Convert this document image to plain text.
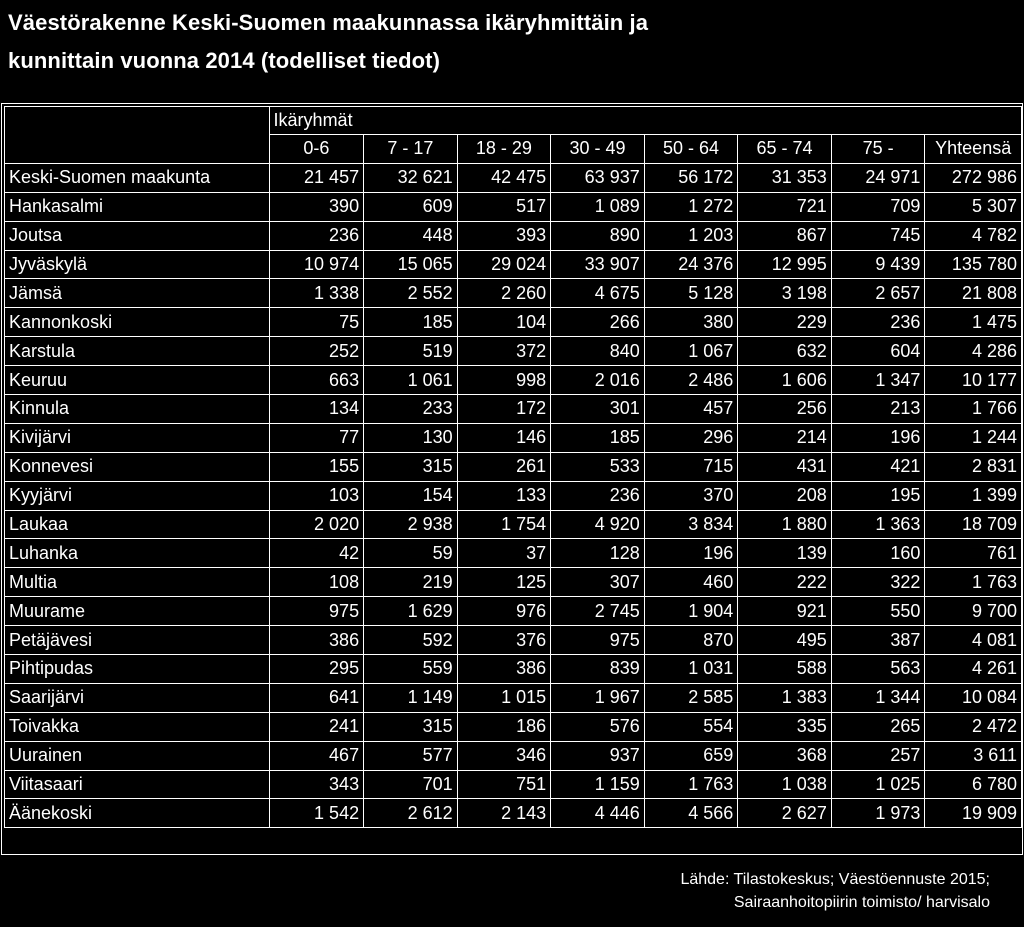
Väestörakenne Keski-Suomen maakunnassa ikäryhmittäin ja
kunnittain vuonna 2014 (todelliset tiedot)
	Ikäryhmät							
	0-6	7 - 17	18 - 29	30 - 49	50 - 64	65 - 74	75 -	Yhteensä
Keski-Suomen maakunta	21 457	32 621	42 475	63 937	56 172	31 353	24 971	272 986
Hankasalmi	390	609	517	1 089	1 272	721	709	5 307
Joutsa	236	448	393	890	1 203	867	745	4 782
Jyväskylä	10 974	15 065	29 024	33 907	24 376	12 995	9 439	135 780
Jämsä	1 338	2 552	2 260	4 675	5 128	3 198	2 657	21 808
Kannonkoski	75	185	104	266	380	229	236	1 475
Karstula	252	519	372	840	1 067	632	604	4 286
Keuruu	663	1 061	998	2 016	2 486	1 606	1 347	10 177
Kinnula	134	233	172	301	457	256	213	1 766
Kivijärvi	77	130	146	185	296	214	196	1 244
Konnevesi	155	315	261	533	715	431	421	2 831
Kyyjärvi	103	154	133	236	370	208	195	1 399
Laukaa	2 020	2 938	1 754	4 920	3 834	1 880	1 363	18 709
Luhanka	42	59	37	128	196	139	160	761
Multia	108	219	125	307	460	222	322	1 763
Muurame	975	1 629	976	2 745	1 904	921	550	9 700
Petäjävesi	386	592	376	975	870	495	387	4 081
Pihtipudas	295	559	386	839	1 031	588	563	4 261
Saarijärvi	641	1 149	1 015	1 967	2 585	1 383	1 344	10 084
Toivakka	241	315	186	576	554	335	265	2 472
Uurainen	467	577	346	937	659	368	257	3 611
Viitasaari	343	701	751	1 159	1 763	1 038	1 025	6 780
Äänekoski	1 542	2 612	2 143	4 446	4 566	2 627	1 973	19 909
Lähde: Tilastokeskus; Väestöennuste 2015;
Sairaanhoitopiirin toimisto/ harvisalo
